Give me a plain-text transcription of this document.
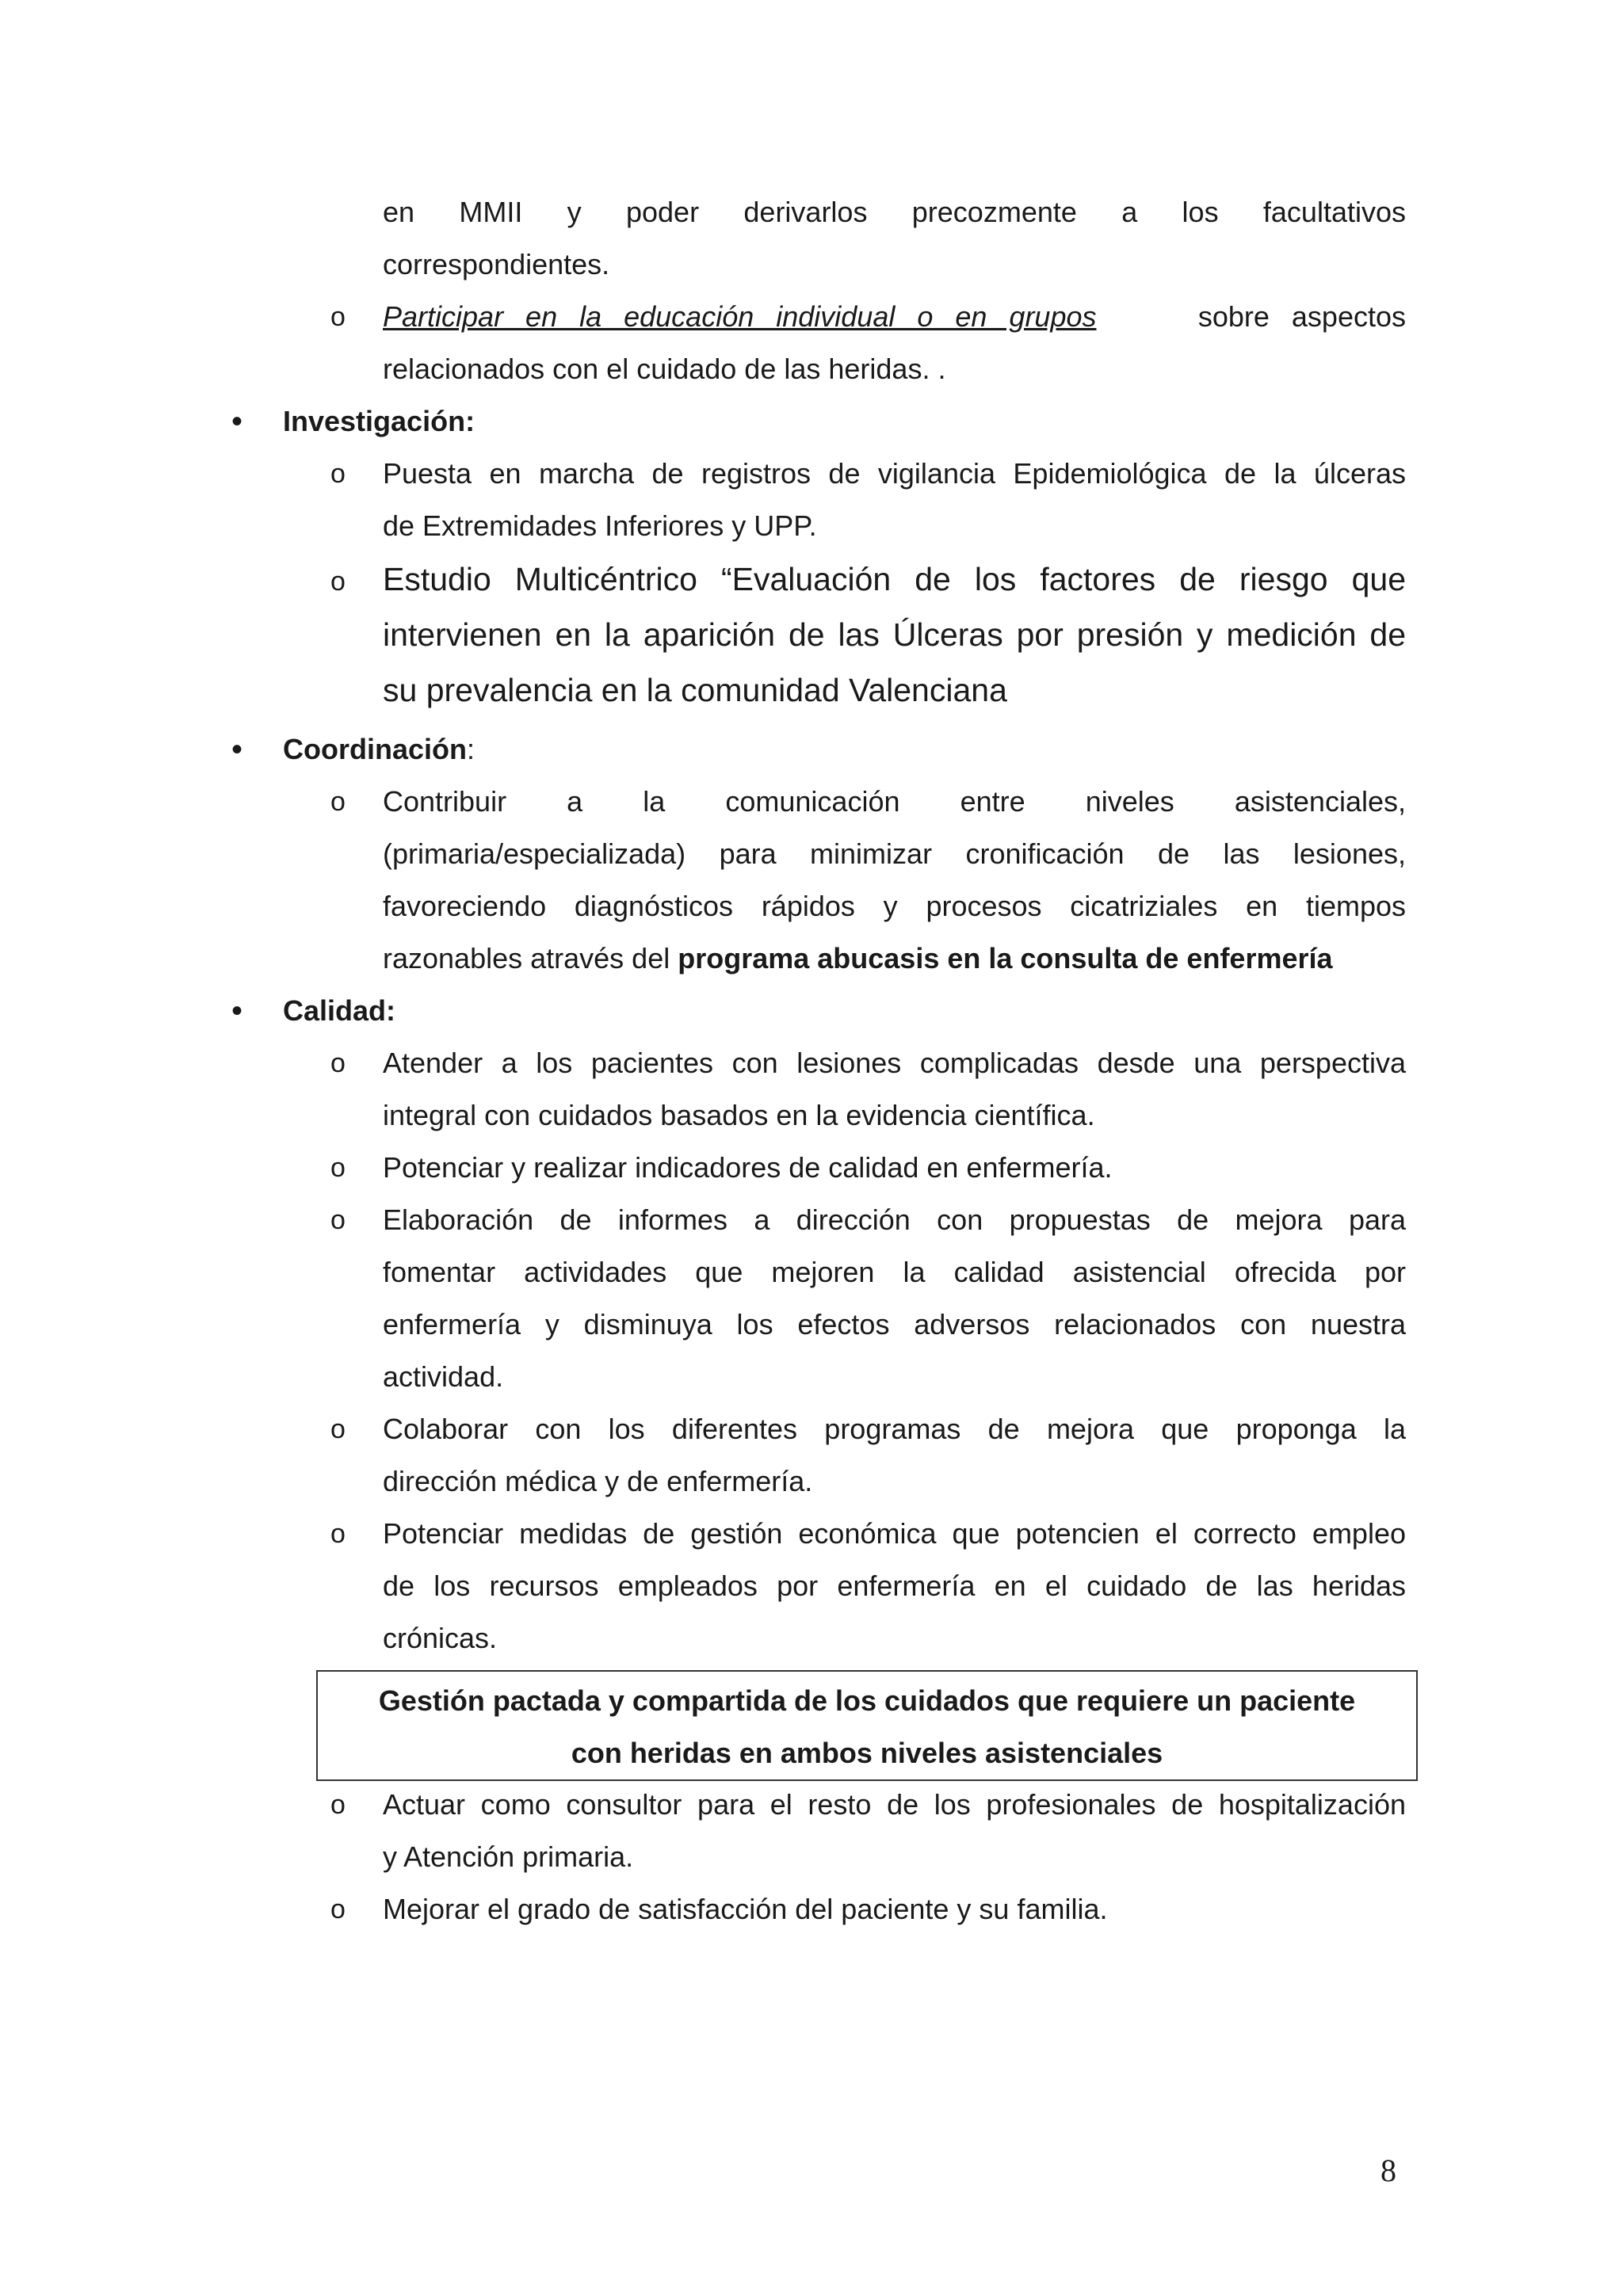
en MMII y poder derivarlos precozmente a los facultativos
correspondientes.
o	Participar en la educación individual o en grupos	sobre aspectos
relacionados con el cuidado de las heridas. .
• Investigación:
o	Puesta en marcha de registros de vigilancia Epidemiológica de la úlceras
de Extremidades Inferiores y UPP.
o Estudio Multicéntrico “Evaluación de los factores de riesgo que
intervienen en la aparición de las Úlceras por presión y medición de
su prevalencia en la comunidad Valenciana
• Coordinación:
o	Contribuir a la comunicación entre niveles asistenciales,
(primaria/especializada) para minimizar cronificación de las lesiones,
favoreciendo diagnósticos rápidos y procesos cicatriziales en tiempos
razonables através del programa abucasis en la consulta de enfermería
• Calidad:
o	Atender a los pacientes con lesiones complicadas desde una perspectiva
integral con cuidados basados en la evidencia científica.
o	Potenciar y realizar indicadores de calidad en enfermería.
o	Elaboración de informes a dirección con propuestas de mejora para
fomentar actividades que mejoren la calidad asistencial ofrecida por
enfermería y disminuya los efectos adversos relacionados con nuestra
actividad.
o	Colaborar con los diferentes programas de mejora que proponga la
dirección médica y de enfermería.
o	Potenciar medidas de gestión económica que potencien el correcto empleo
de los recursos empleados por enfermería en el cuidado de las heridas
crónicas.
Gestión pactada y compartida de los cuidados que requiere un paciente
con heridas en ambos niveles asistenciales
o	Actuar como consultor para el resto de los profesionales de hospitalización
y Atención primaria.
o	Mejorar el grado de satisfacción del paciente y su familia.
8
